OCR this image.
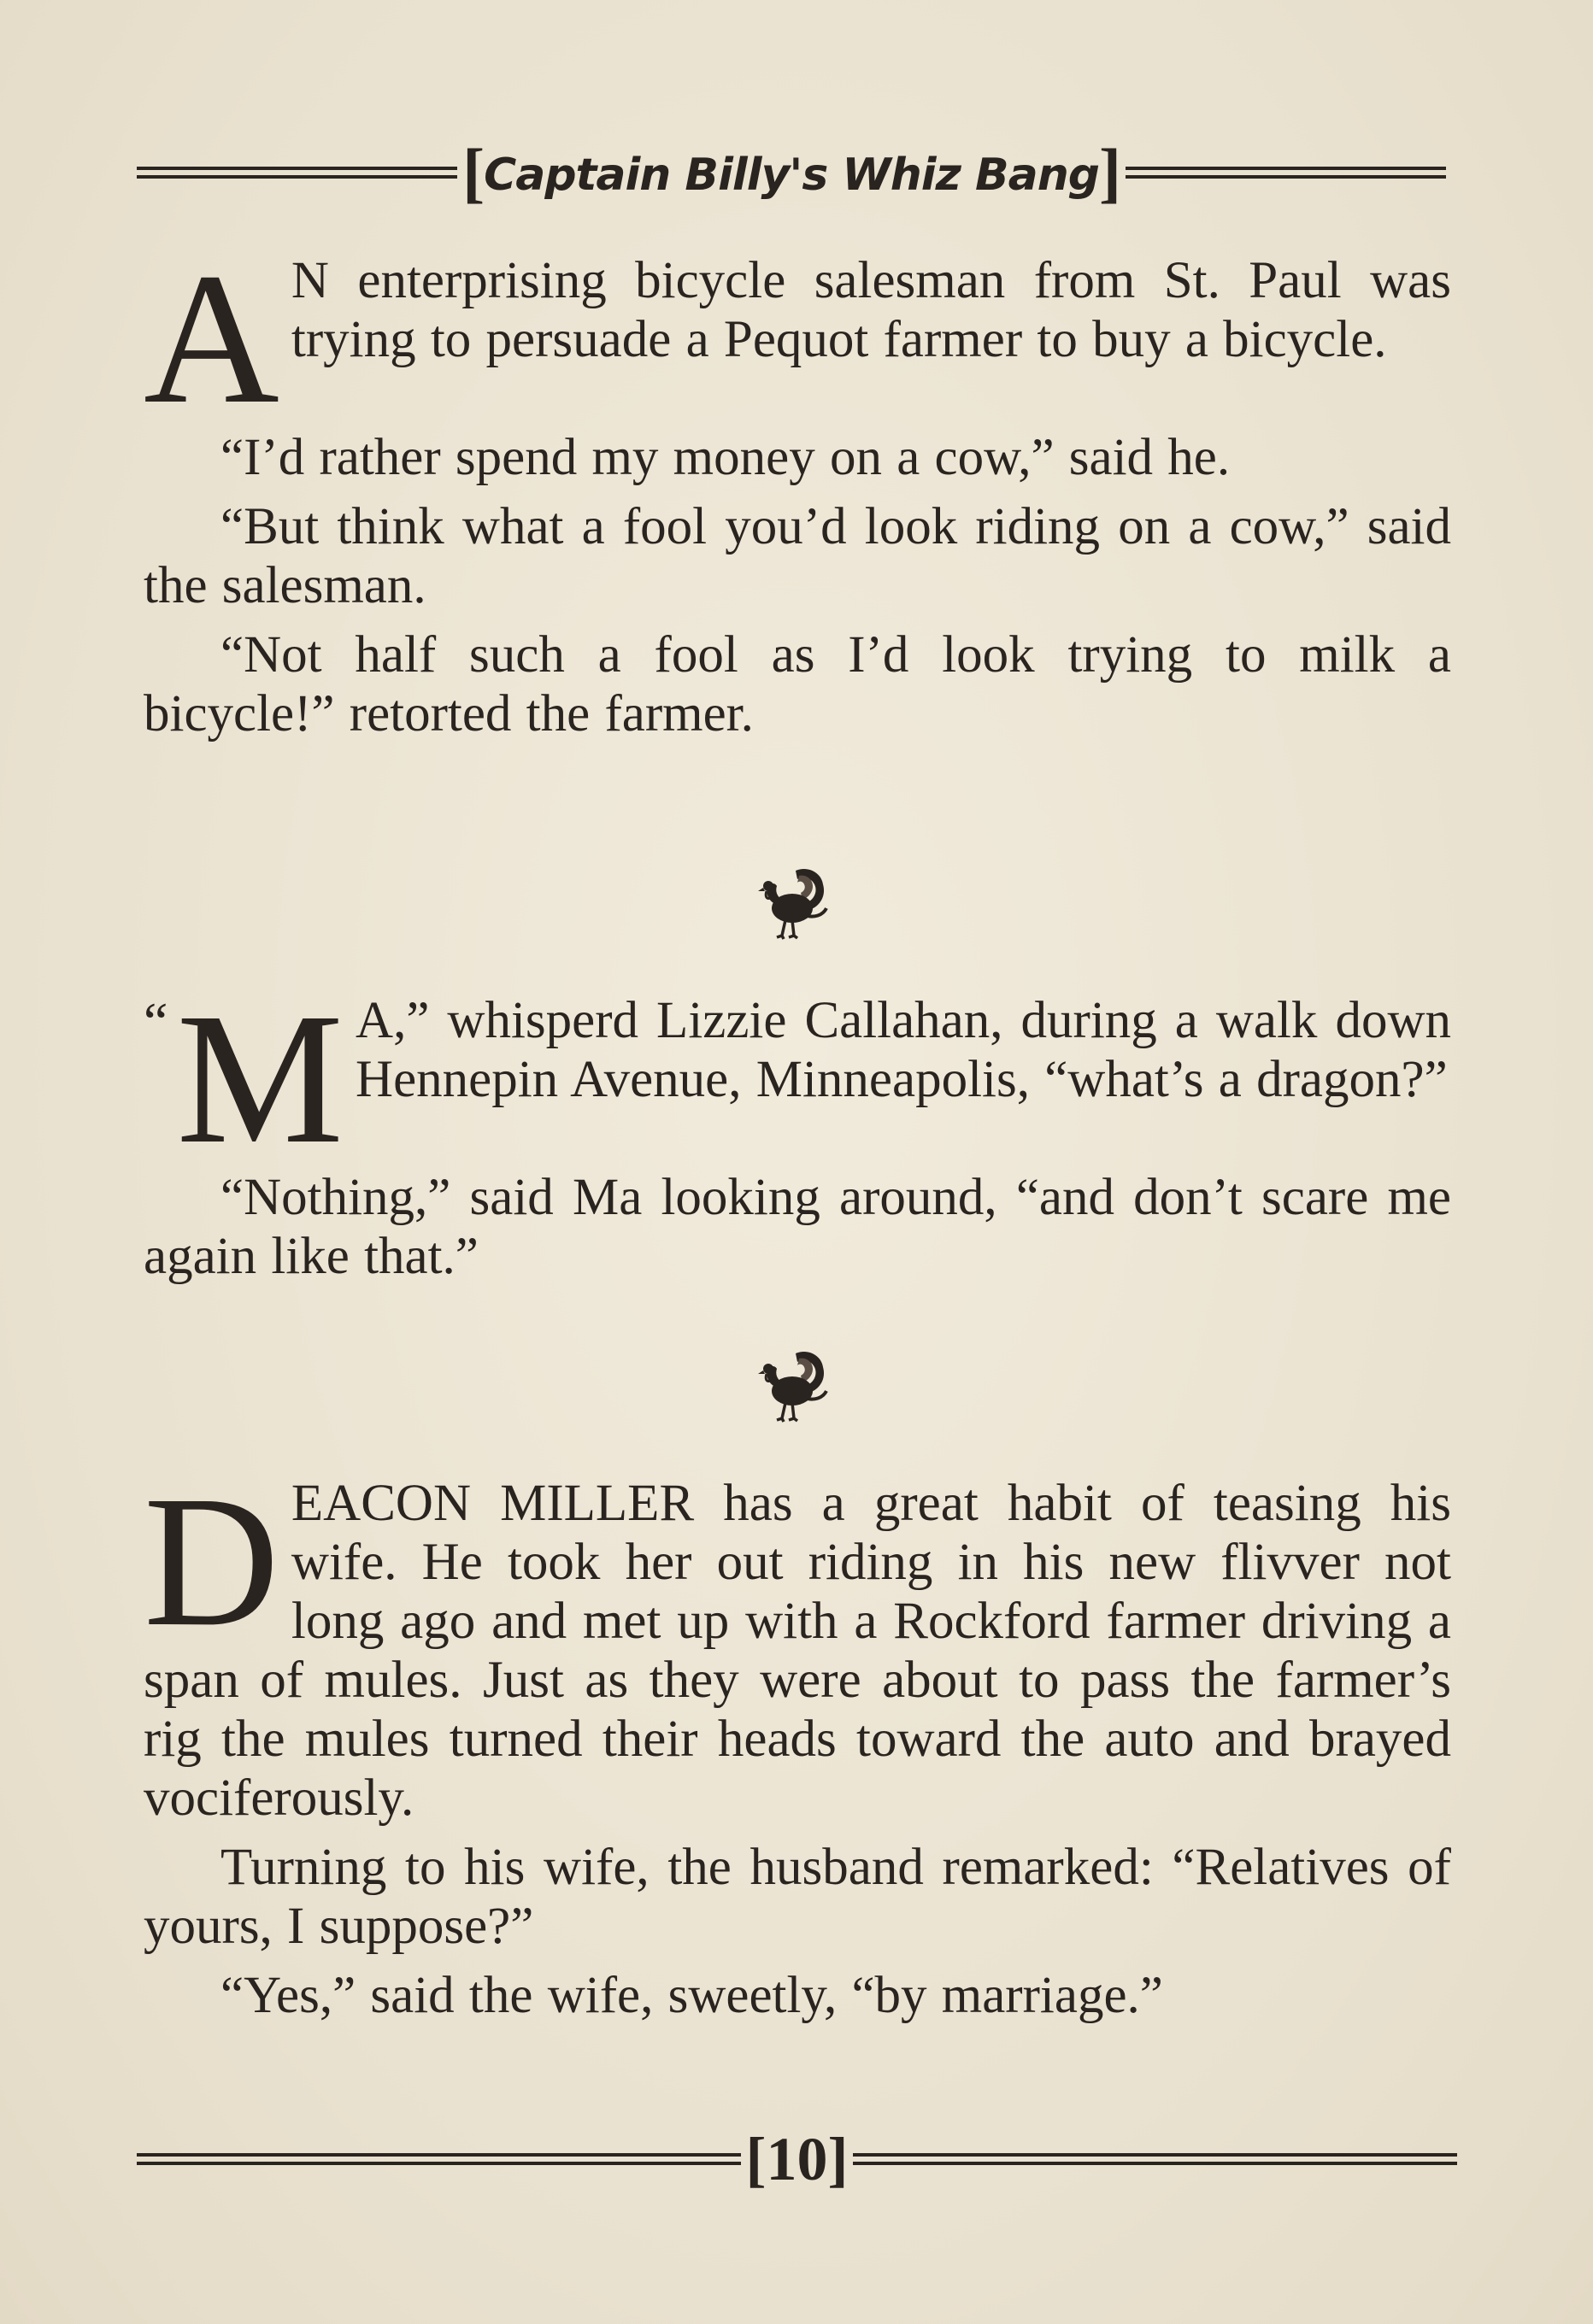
[Captain Billy's Whiz Bang]
A N enterprising bicycle salesman from St. Paul was trying to persuade a Pequot farmer to buy a bicycle.

“I’d rather spend my money on a cow,” said he.

“But think what a fool you’d look riding on a cow,” said the salesman.

“Not half such a fool as I’d look trying to milk a bicycle!” retorted the farmer.

“ M A,” whisperd Lizzie Callahan, during a walk down Hennepin Avenue, Minneapolis, “what’s a dragon?”

“Nothing,” said Ma looking around, “and don’t scare me again like that.”

D EACON MILLER has a great habit of teasing his wife. He took her out riding in his new flivver not long ago and met up with a Rockford farmer driving a span of mules. Just as they were about to pass the farmer’s rig the mules turned their heads toward the auto and brayed vociferously.

Turning to his wife, the husband remarked: “Relatives of yours, I suppose?”

“Yes,” said the wife, sweetly, “by marriage.”

[10]
